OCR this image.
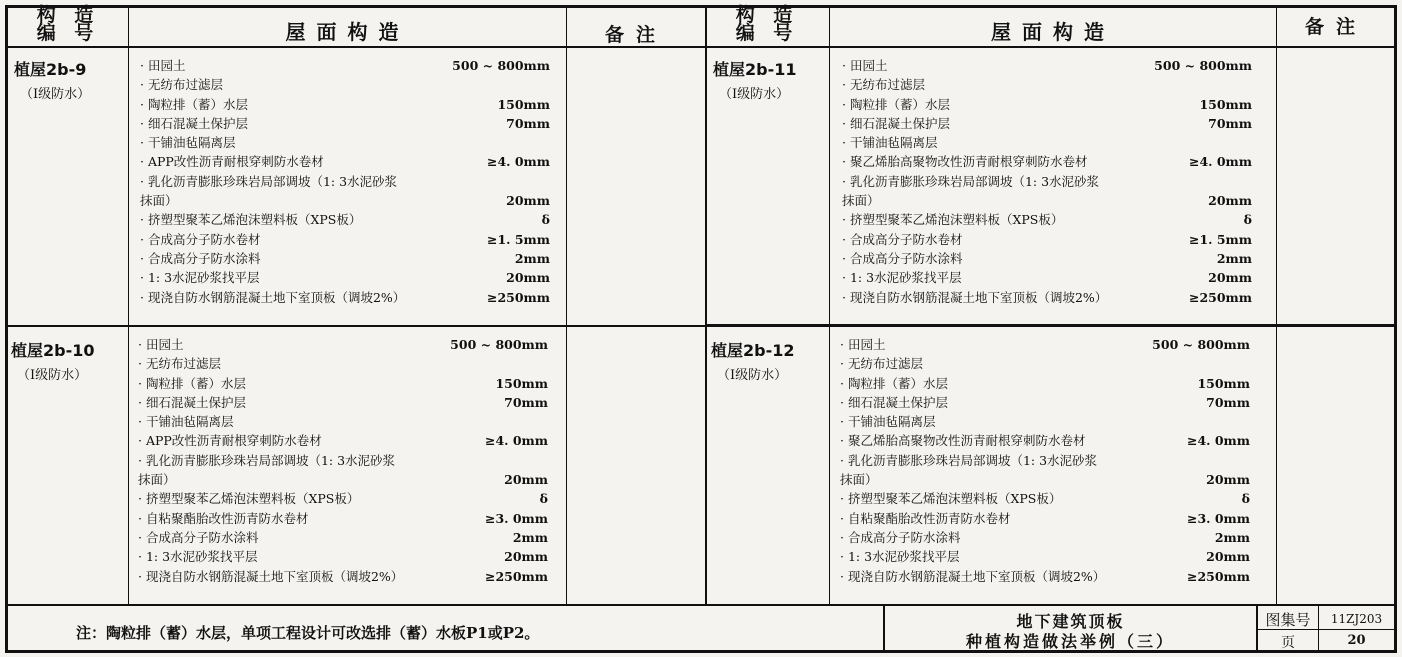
构 造
编 号	屋面构造	备注
构 造
编 号	屋面构造	备注
植屋2b-9
（I级防水）
· 田园土	500 ~ 800mm
· 无纺布过滤层
· 陶粒排（蓄）水层	150mm
· 细石混凝土保护层	70mm
· 干铺油毡隔离层
· APP改性沥青耐根穿刺防水卷材	≥4. 0mm
· 乳化沥青膨胀珍珠岩局部调坡（1: 3水泥砂浆
抹面）	20mm
· 挤塑型聚苯乙烯泡沫塑料板（XPS板）	δ
· 合成高分子防水卷材	≥1. 5mm
· 合成高分子防水涂料	2mm
· 1: 3水泥砂浆找平层	20mm
· 现浇自防水钢筋混凝土地下室顶板（调坡2%）	≥250mm
植屋2b-11
（I级防水）
· 田园土	500 ~ 800mm
· 无纺布过滤层
· 陶粒排（蓄）水层	150mm
· 细石混凝土保护层	70mm
· 干铺油毡隔离层
· 聚乙烯胎高聚物改性沥青耐根穿刺防水卷材	≥4. 0mm
· 乳化沥青膨胀珍珠岩局部调坡（1: 3水泥砂浆
抹面）	20mm
· 挤塑型聚苯乙烯泡沫塑料板（XPS板）	δ
· 合成高分子防水卷材	≥1. 5mm
· 合成高分子防水涂料	2mm
· 1: 3水泥砂浆找平层	20mm
· 现浇自防水钢筋混凝土地下室顶板（调坡2%）	≥250mm
植屋2b-10
（I级防水）
· 田园土	500 ~ 800mm
· 无纺布过滤层
· 陶粒排（蓄）水层	150mm
· 细石混凝土保护层	70mm
· 干铺油毡隔离层
· APP改性沥青耐根穿刺防水卷材	≥4. 0mm
· 乳化沥青膨胀珍珠岩局部调坡（1: 3水泥砂浆
抹面）	20mm
· 挤塑型聚苯乙烯泡沫塑料板（XPS板）	δ
· 自粘聚酯胎改性沥青防水卷材	≥3. 0mm
· 合成高分子防水涂料	2mm
· 1: 3水泥砂浆找平层	20mm
· 现浇自防水钢筋混凝土地下室顶板（调坡2%）	≥250mm
植屋2b-12
（I级防水）
· 田园土	500 ~ 800mm
· 无纺布过滤层
· 陶粒排（蓄）水层	150mm
· 细石混凝土保护层	70mm
· 干铺油毡隔离层
· 聚乙烯胎高聚物改性沥青耐根穿刺防水卷材	≥4. 0mm
· 乳化沥青膨胀珍珠岩局部调坡（1: 3水泥砂浆
抹面）	20mm
· 挤塑型聚苯乙烯泡沫塑料板（XPS板）	δ
· 自粘聚酯胎改性沥青防水卷材	≥3. 0mm
· 合成高分子防水涂料	2mm
· 1: 3水泥砂浆找平层	20mm
· 现浇自防水钢筋混凝土地下室顶板（调坡2%）	≥250mm
注：陶粒排（蓄）水层，单项工程设计可改选排（蓄）水板P1或P2。
地下建筑顶板
种植构造做法举例（三）
图集号	11ZJ203
页	20
